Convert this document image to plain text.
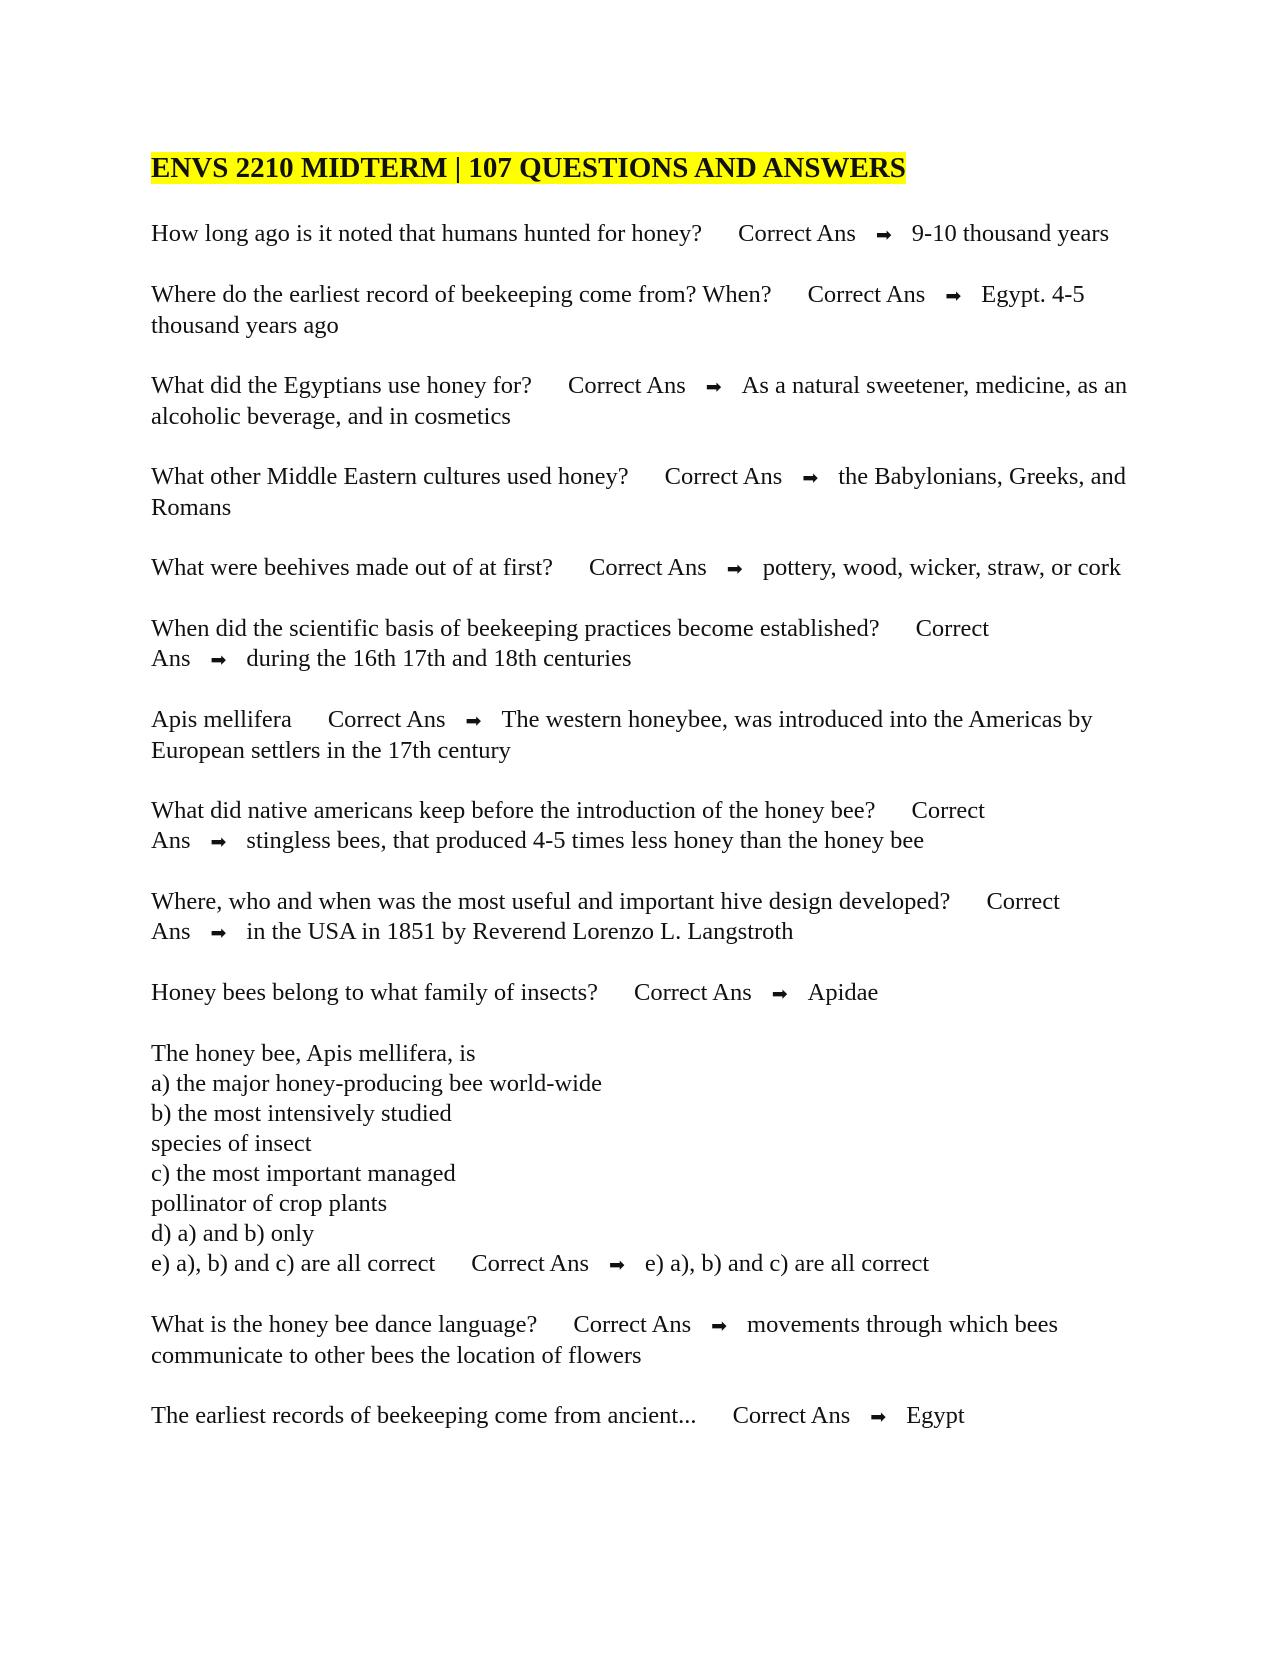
ENVS 2210 MIDTERM | 107 QUESTIONS AND ANSWERS
How long ago is it noted that humans hunted for honey? Correct Ans ➡ 9-10 thousand years
Where do the earliest record of beekeeping come from? When? Correct Ans ➡ Egypt. 4-5 thousand years ago
What did the Egyptians use honey for? Correct Ans ➡ As a natural sweetener, medicine, as an alcoholic beverage, and in cosmetics
What other Middle Eastern cultures used honey? Correct Ans ➡ the Babylonians, Greeks, and Romans
What were beehives made out of at first? Correct Ans ➡ pottery, wood, wicker, straw, or cork
When did the scientific basis of beekeeping practices become established? Correct Ans ➡ during the 16th 17th and 18th centuries
Apis mellifera Correct Ans ➡ The western honeybee, was introduced into the Americas by European settlers in the 17th century
What did native americans keep before the introduction of the honey bee? Correct Ans ➡ stingless bees, that produced 4-5 times less honey than the honey bee
Where, who and when was the most useful and important hive design developed? Correct Ans ➡ in the USA in 1851 by Reverend Lorenzo L. Langstroth
Honey bees belong to what family of insects? Correct Ans ➡ Apidae
The honey bee, Apis mellifera, is
a) the major honey-producing bee world-wide
b) the most intensively studied
species of insect
c) the most important managed
pollinator of crop plants
d) a) and b) only
e) a), b) and c) are all correct Correct Ans ➡ e) a), b) and c) are all correct
What is the honey bee dance language? Correct Ans ➡ movements through which bees communicate to other bees the location of flowers
The earliest records of beekeeping come from ancient... Correct Ans ➡ Egypt
